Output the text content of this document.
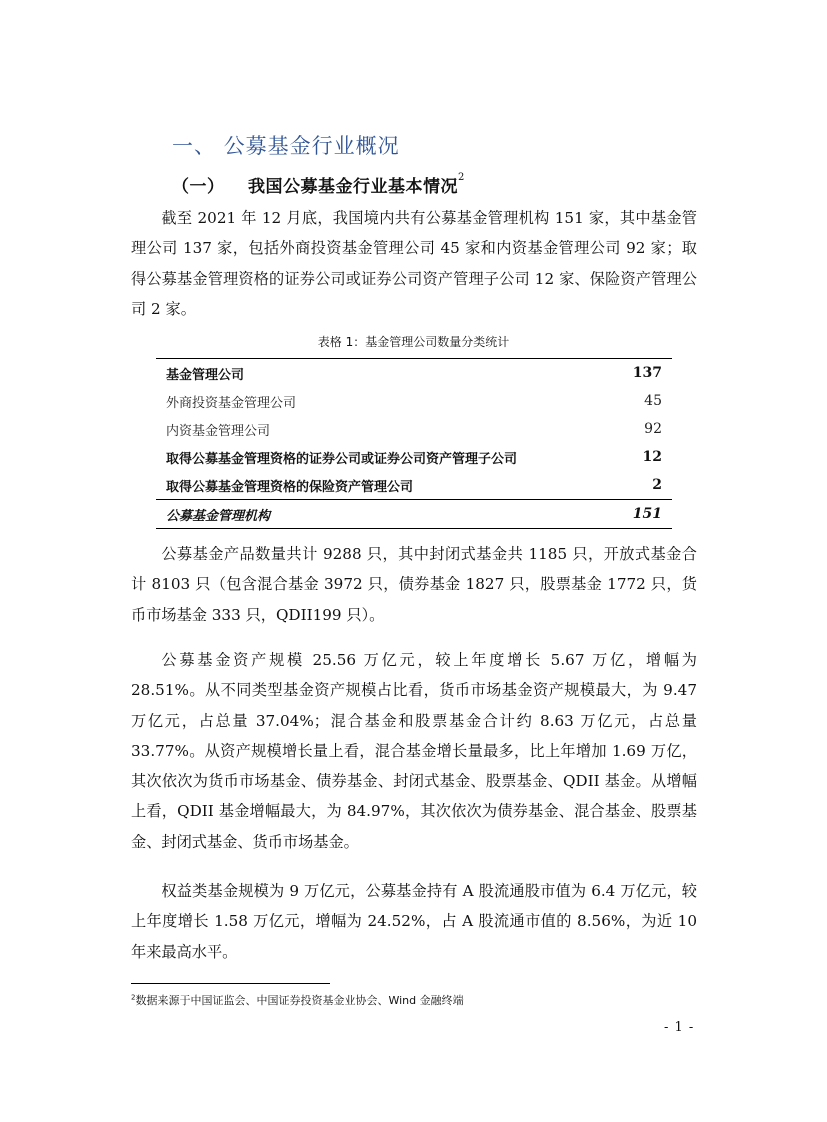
一、 公募基金行业概况
（一） 我国公募基金行业基本情况$^2$

截至 2021 年 12 月底，我国境内共有公募基金管理机构 151 家，其中基金管理公司 137 家，包括外商投资基金管理公司 45 家和内资基金管理公司 92 家；取得公募基金管理资格的证券公司或证券公司资产管理子公司 12 家、保险资产管理公司 2 家。

表格 1：基金管理公司数量分类统计
基金管理公司	137
外商投资基金管理公司	45
内资基金管理公司	92
取得公募基金管理资格的证券公司或证券公司资产管理子公司	12
取得公募基金管理资格的保险资产管理公司	2
公募基金管理机构	151

公募基金产品数量共计 9288 只，其中封闭式基金共 1185 只，开放式基金合计 8103 只（包含混合基金 3972 只，债券基金 1827 只，股票基金 1772 只，货币市场基金 333 只，QDII199 只）。

公募基金资产规模 25.56 万亿元，较上年度增长 5.67 万亿，增幅为 28.51%。从不同类型基金资产规模占比看，货币市场基金资产规模最大，为 9.47 万亿元，占总量 37.04%；混合基金和股票基金合计约 8.63 万亿元，占总量 33.77%。从资产规模增长量上看，混合基金增长量最多，比上年增加 1.69 万亿，其次依次为货币市场基金、债券基金、封闭式基金、股票基金、QDII 基金。从增幅上看，QDII 基金增幅最大，为 84.97%，其次依次为债券基金、混合基金、股票基金、封闭式基金、货币市场基金。

权益类基金规模为 9 万亿元，公募基金持有 A 股流通股市值为 6.4 万亿元，较上年度增长 1.58 万亿元，增幅为 24.52%，占 A 股流通市值的 8.56%，为近 10 年来最高水平。

$^2$数据来源于中国证监会、中国证券投资基金业协会、Wind 金融终端
- 1 -
